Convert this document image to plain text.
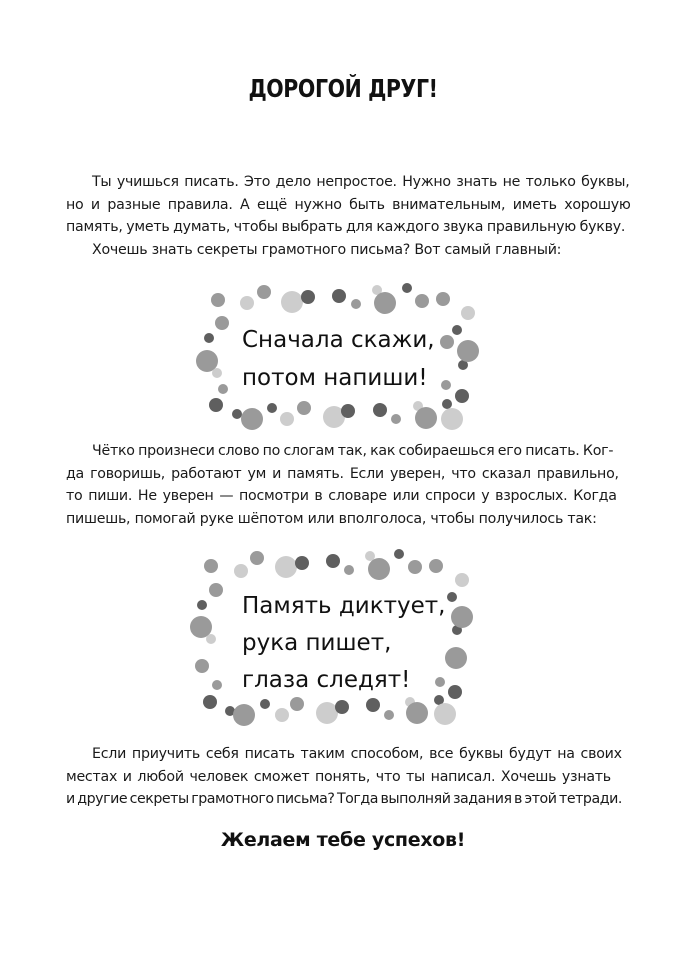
ДОРОГОЙ ДРУГ!
Ты учишься писать. Это дело непростое. Нужно знать не только буквы,
но и разные правила. А ещё нужно быть внимательным, иметь хорошую
память, уметь думать, чтобы выбрать для каждого звука правильную букву.
Хочешь знать секреты грамотного письма? Вот самый главный:
Сначала скажи,
потом напиши!
Чётко произнеси слово по слогам так, как собираешься его писать. Ког-
да говоришь, работают ум и память. Если уверен, что сказал правильно,
то пиши. Не уверен — посмотри в словаре или спроси у взрослых. Когда
пишешь, помогай руке шёпотом или вполголоса, чтобы получилось так:
Память диктует,
рука пишет,
глаза следят!
Если приучить себя писать таким способом, все буквы будут на своих
местах и любой человек сможет понять, что ты написал. Хочешь узнать
и другие секреты грамотного письма? Тогда выполняй задания в этой тетради.
Желаем тебе успехов!
